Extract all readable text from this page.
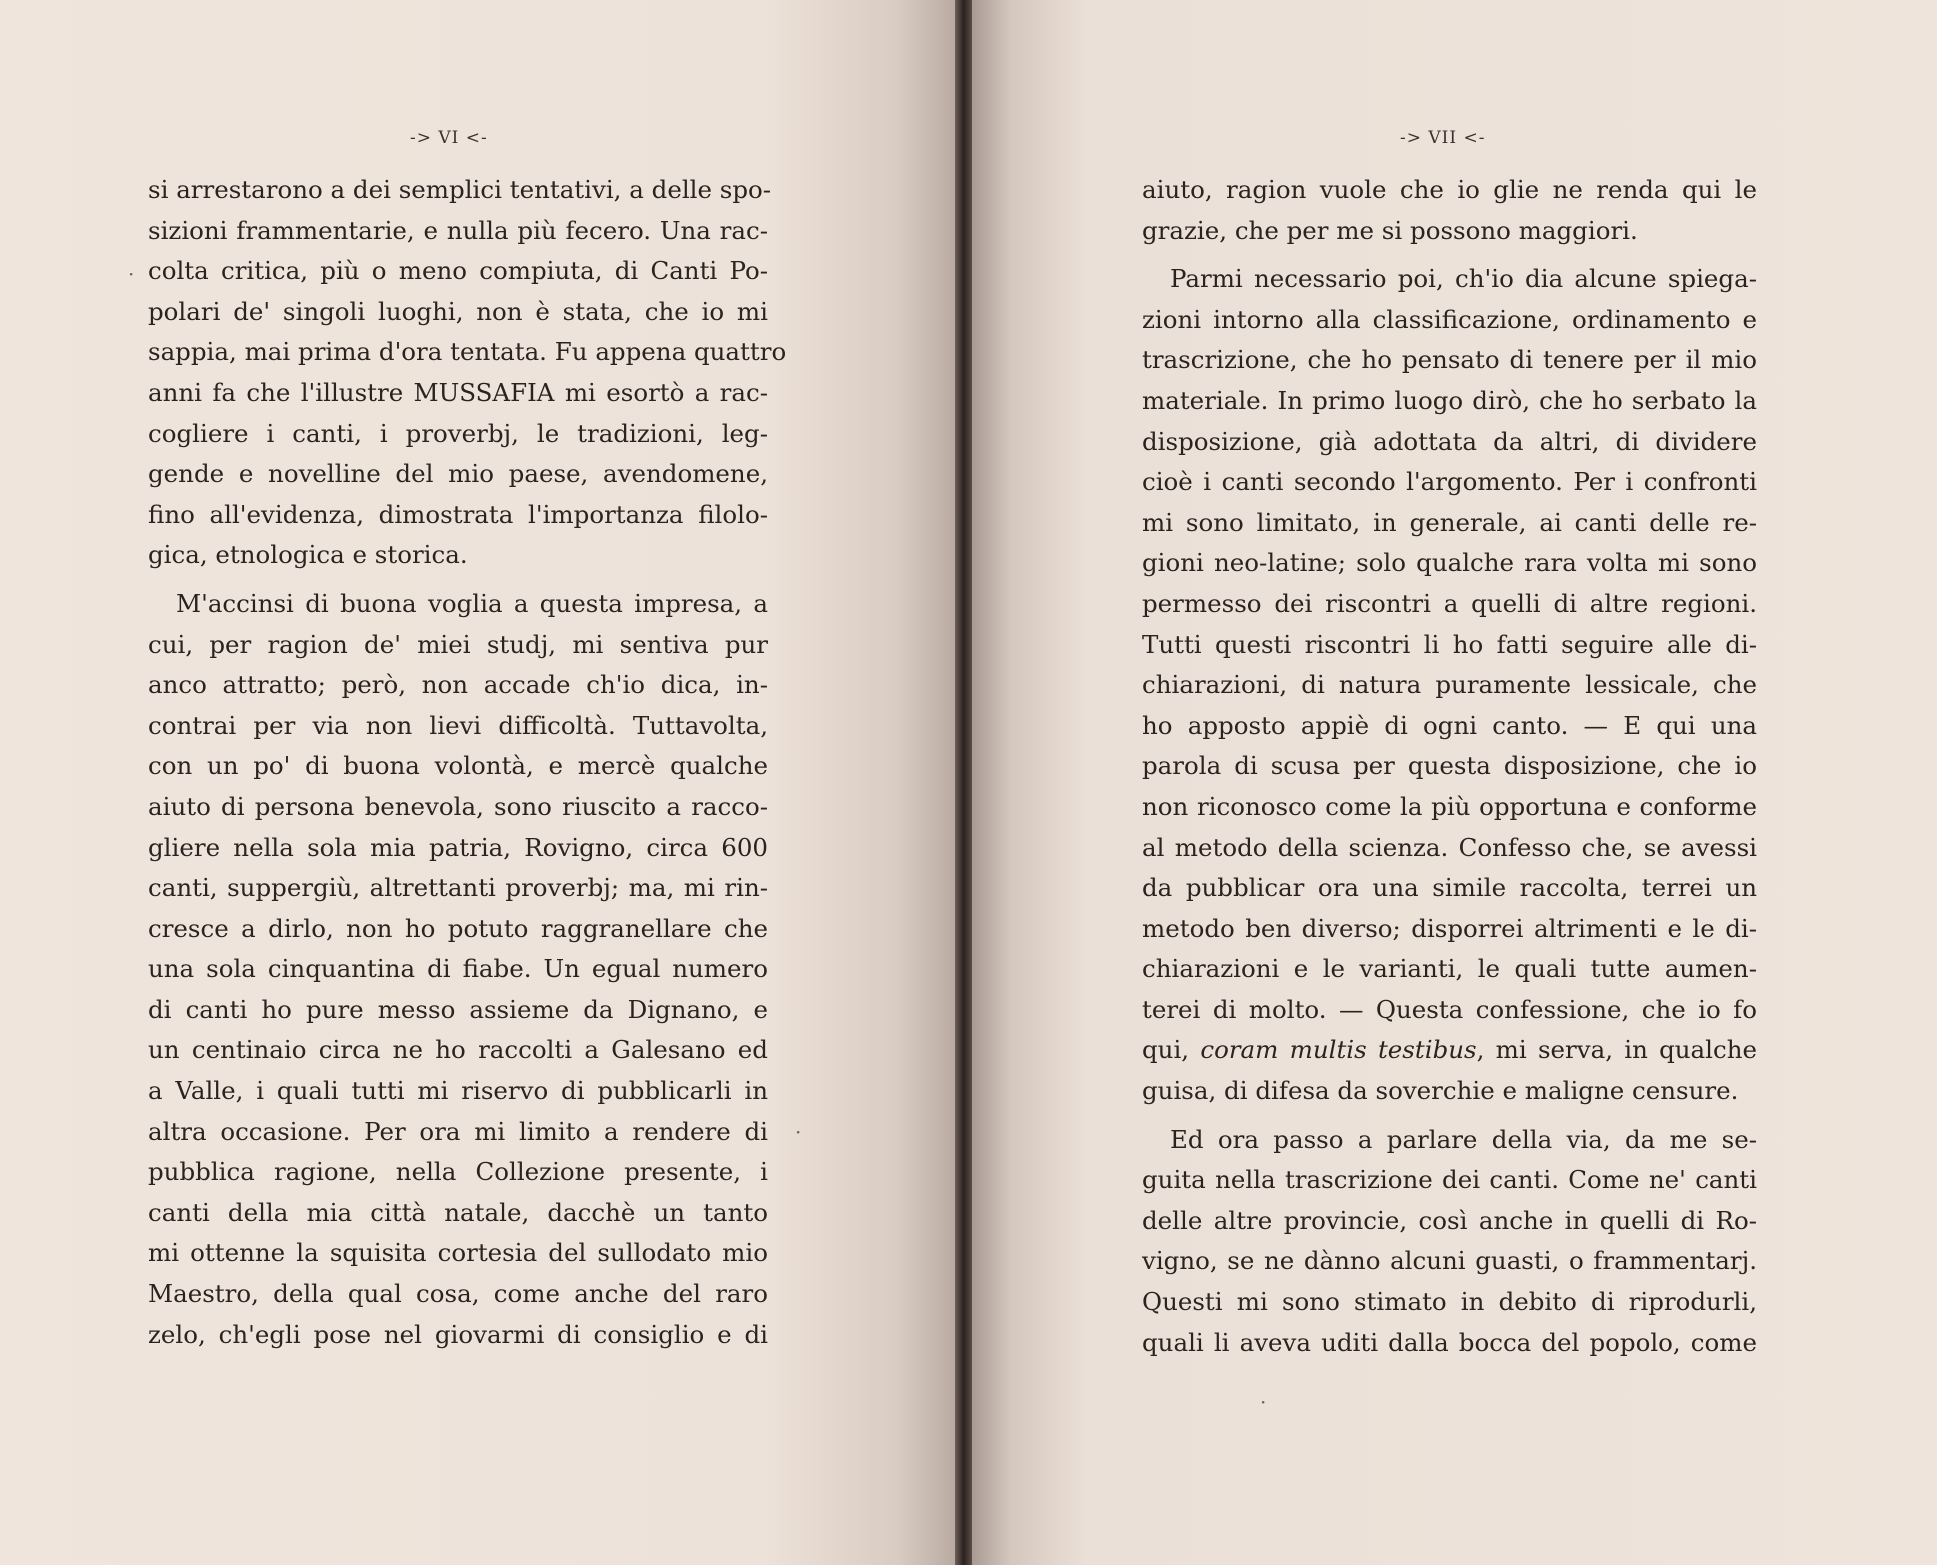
-> VI <-
si arrestarono a dei semplici tentativi, a delle spo-
sizioni frammentarie, e nulla più fecero. Una rac-
colta critica, più o meno compiuta, di Canti Po-
polari de' singoli luoghi, non è stata, che io mi
sappia, mai prima d'ora tentata. Fu appena quattro
anni fa che l'illustre MUSSAFIA mi esortò a rac-
cogliere i canti, i proverbj, le tradizioni, leg-
gende e novelline del mio paese, avendomene,
fino all'evidenza, dimostrata l'importanza filolo-
gica, etnologica e storica.
M'accinsi di buona voglia a questa impresa, a
cui, per ragion de' miei studj, mi sentiva pur
anco attratto; però, non accade ch'io dica, in-
contrai per via non lievi difficoltà. Tuttavolta,
con un po' di buona volontà, e mercè qualche
aiuto di persona benevola, sono riuscito a racco-
gliere nella sola mia patria, Rovigno, circa 600
canti, suppergiù, altrettanti proverbj; ma, mi rin-
cresce a dirlo, non ho potuto raggranellare che
una sola cinquantina di fiabe. Un egual numero
di canti ho pure messo assieme da Dignano, e
un centinaio circa ne ho raccolti a Galesano ed
a Valle, i quali tutti mi riservo di pubblicarli in
altra occasione. Per ora mi limito a rendere di
pubblica ragione, nella Collezione presente, i
canti della mia città natale, dacchè un tanto
mi ottenne la squisita cortesia del sullodato mio
Maestro, della qual cosa, come anche del raro
zelo, ch'egli pose nel giovarmi di consiglio e di
·
·
-> VII <-
aiuto, ragion vuole che io glie ne renda qui le
grazie, che per me si possono maggiori.
Parmi necessario poi, ch'io dia alcune spiega-
zioni intorno alla classificazione, ordinamento e
trascrizione, che ho pensato di tenere per il mio
materiale. In primo luogo dirò, che ho serbato la
disposizione, già adottata da altri, di dividere
cioè i canti secondo l'argomento. Per i confronti
mi sono limitato, in generale, ai canti delle re-
gioni neo-latine; solo qualche rara volta mi sono
permesso dei riscontri a quelli di altre regioni.
Tutti questi riscontri li ho fatti seguire alle di-
chiarazioni, di natura puramente lessicale, che
ho apposto appiè di ogni canto. — E qui una
parola di scusa per questa disposizione, che io
non riconosco come la più opportuna e conforme
al metodo della scienza. Confesso che, se avessi
da pubblicar ora una simile raccolta, terrei un
metodo ben diverso; disporrei altrimenti e le di-
chiarazioni e le varianti, le quali tutte aumen-
terei di molto. — Questa confessione, che io fo
qui, coram multis testibus, mi serva, in qualche
guisa, di difesa da soverchie e maligne censure.
Ed ora passo a parlare della via, da me se-
guita nella trascrizione dei canti. Come ne' canti
delle altre provincie, così anche in quelli di Ro-
vigno, se ne dànno alcuni guasti, o frammentarj.
Questi mi sono stimato in debito di riprodurli,
quali li aveva uditi dalla bocca del popolo, come
·
